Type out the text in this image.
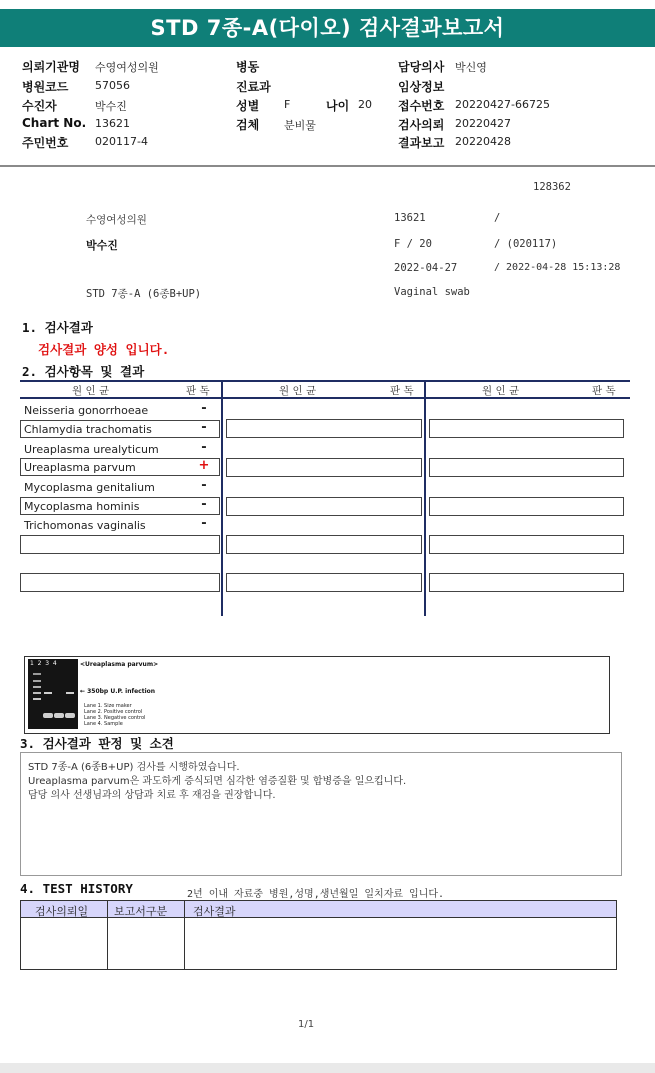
STD 7종-A(다이오) 검사결과보고서
의뢰기관명 수영여성의원	병동	담당의사 박신영
병원코드 57056	진료과	임상정보
수진자	박수진	성별 F	나이 20 접수번호 20220427-66725
Chart No. 13621	검체 분비물	검사의뢰 20220427
주민번호 020117-4	결과보고 20220428
128362
수영여성의원	13621	/
박수진	F / 20	/ (020117)
2022-04-27	/ 2022-04-28 15:13:28
STD 7종-A (6종B+UP)	Vaginal swab
1. 검사결과
검사결과 양성 입니다.
2. 검사항목 및 결과
원 인 균	판 독	원 인 균	판 독	원 인 균	판 독
Neisseria gonorrhoeae	-
Chlamydia trachomatis	-
Ureaplasma urealyticum	-
Ureaplasma parvum	+
Mycoplasma genitalium	-
Mycoplasma hominis	-
Trichomonas vaginalis	-
1  2  3  4	<Ureaplasma parvum>
← 350bp U.P. infection
Lane 1. Size maker
Lane 2. Positive control
Lane 3. Negative control
Lane 4. Sample
3. 검사결과 판정 및 소견
STD 7종-A (6종B+UP) 검사를 시행하였습니다.
Ureaplasma parvum은 과도하게 증식되면 심각한 염증질환 및 합병증을 일으킵니다.
담당 의사 선생님과의 상담과 치료 후 재검을 권장합니다.
4. TEST HISTORY	2년 이내 자료중 병원,성명,생년월일 일치자료 입니다.
검사의뢰일 보고서구분 검사결과
1/1
